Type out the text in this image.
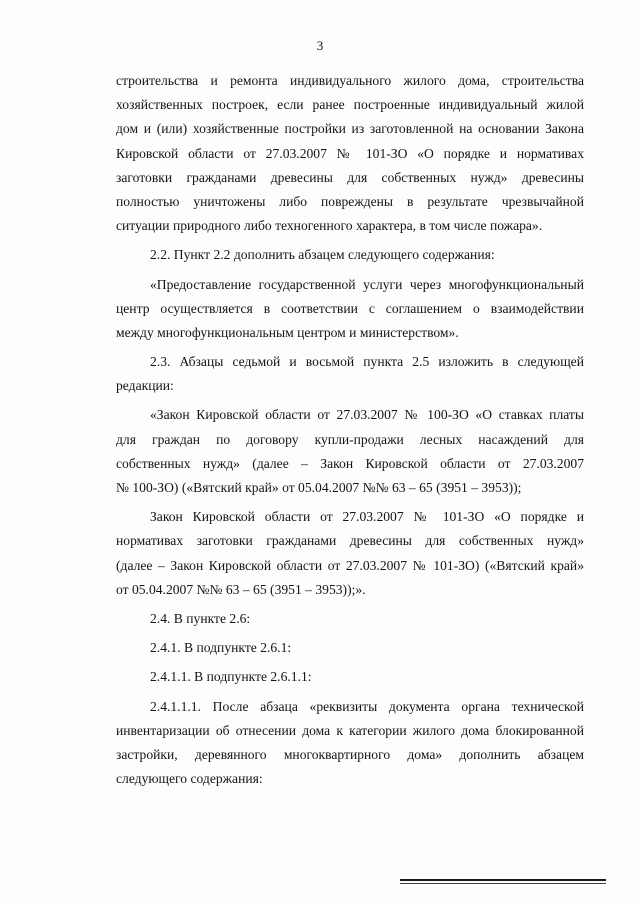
3
строительства и ремонта индивидуального жилого дома, строительства
хозяйственных построек, если ранее построенные индивидуальный жилой
дом и (или) хозяйственные постройки из заготовленной на основании Закона
Кировской области от 27.03.2007 № 101-ЗО «О порядке и нормативах
заготовки гражданами древесины для собственных нужд» древесины
полностью уничтожены либо повреждены в результате чрезвычайной
ситуации природного либо техногенного характера, в том числе пожара».
2.2. Пункт 2.2 дополнить абзацем следующего содержания:
«Предоставление государственной услуги через многофункциональный
центр осуществляется в соответствии с соглашением о взаимодействии
между многофункциональным центром и министерством».
2.3. Абзацы седьмой и восьмой пункта 2.5 изложить в следующей
редакции:
«Закон Кировской области от 27.03.2007 № 100-ЗО «О ставках платы
для граждан по договору купли-продажи лесных насаждений для
собственных нужд» (далее – Закон Кировской области от 27.03.2007
№ 100-ЗО) («Вятский край» от 05.04.2007 №№ 63 – 65 (3951 – 3953));
Закон Кировской области от 27.03.2007 № 101-ЗО «О порядке и
нормативах заготовки гражданами древесины для собственных нужд»
(далее – Закон Кировской области от 27.03.2007 № 101-ЗО) («Вятский край»
от 05.04.2007 №№ 63 – 65 (3951 – 3953));».
2.4. В пункте 2.6:
2.4.1. В подпункте 2.6.1:
2.4.1.1. В подпункте 2.6.1.1:
2.4.1.1.1. После абзаца «реквизиты документа органа технической
инвентаризации об отнесении дома к категории жилого дома блокированной
застройки, деревянного многоквартирного дома» дополнить абзацем
следующего содержания:
